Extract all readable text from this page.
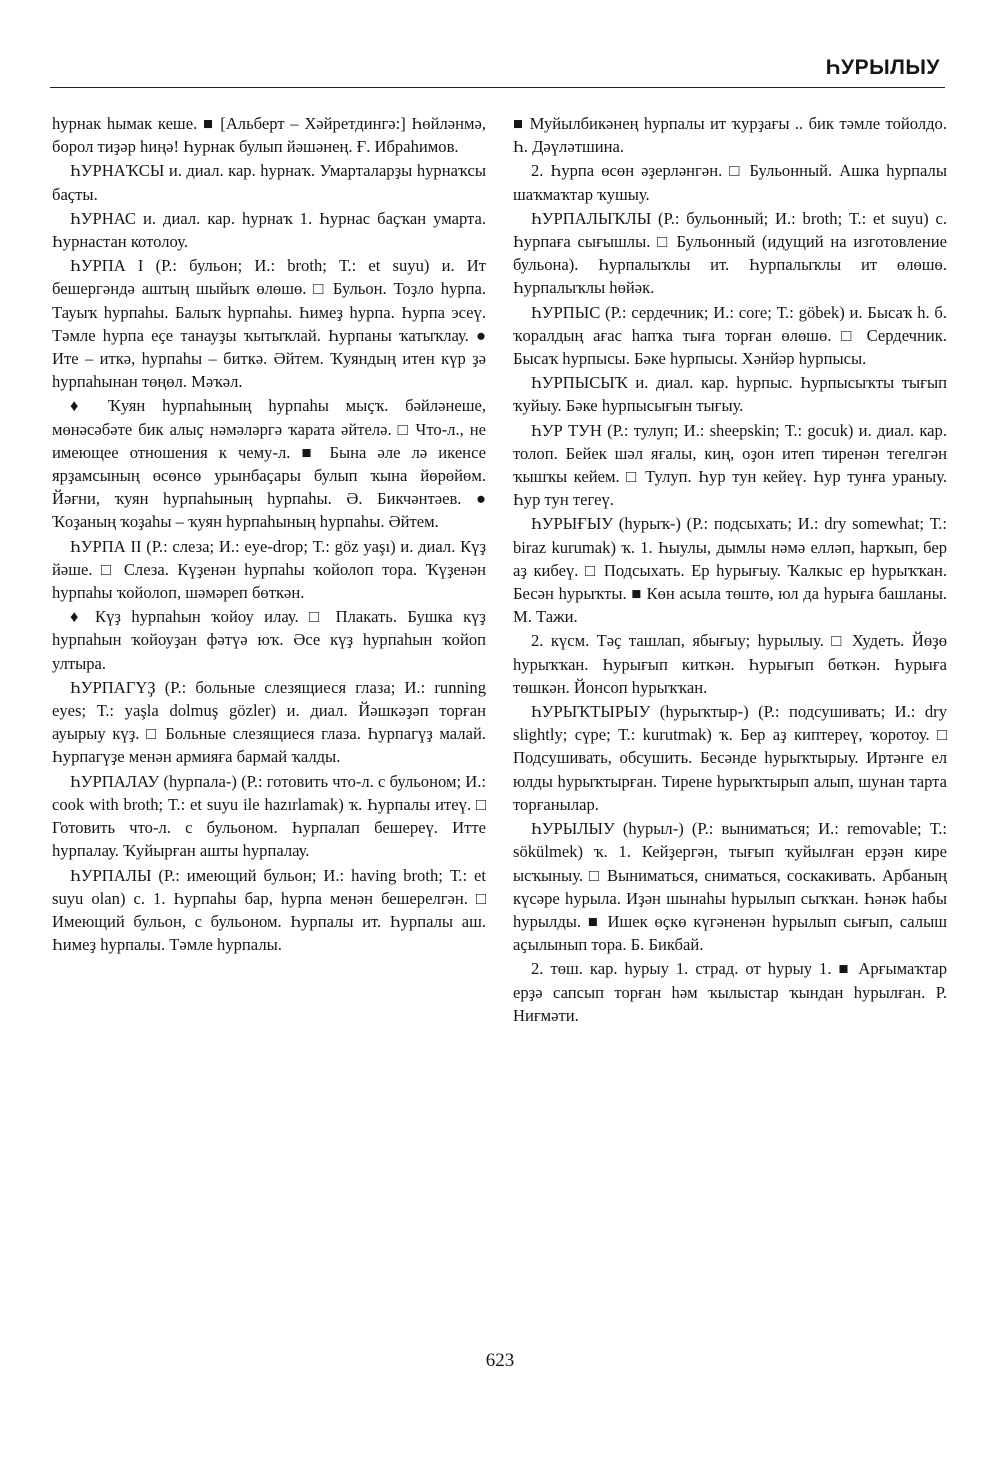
ҺУРЫЛЫУ

һурнак һымак кеше. ■ [Альберт – Хәйретдингә:] Һөйләнмә, борол тиҙәр һиңә! Һурнак булып йәшәнең. Ғ. Ибраһимов.

ҺУРНАҠСЫ и. диал. кар. һурнаҡ. Умарталарҙы һурнаҡсы баҫты.

ҺУРНАС и. диал. кар. һурнаҡ 1. Һурнас баҫҡан умарта. Һурнастан котолоу.

ҺУРПА I (Р.: бульон; И.: broth; Т.: et suyu) и. Ит бешергәндә аштың шыйыҡ өлөшө. □ Бульон. Тоҙло һурпа. Тауыҡ һурпаһы. Балыҡ һурпаһы. Һимеҙ һурпа. Һурпа эсеү. Тәмле һурпа еҫе танауҙы ҡытыҡлай. Һурпаны ҡатыҡлау. ● Ите – иткә, һурпаһы – биткә. Әйтем. Ҡуяндың итен күр ҙә һурпаһынан төңөл. Мәҡәл.

♦ Ҡуян һурпаһының һурпаһы мыҫҡ. бәйләнеше, мөнәсәбәте бик алыҫ нәмәләргә ҡарата әйтелә. □ Что-л., не имеющее отношения к чему-л. ■ Бына әле лә икенсе ярҙамсының өсөнсө урынбаҫары булып ҡына йөрөйөм. Йәғни, ҡуян һурпаһының һурпаһы. Ә. Бикчәнтәев. ● Ҡоҙаның ҡоҙаһы – ҡуян һурпаһының һурпаһы. Әйтем.

ҺУРПА II (Р.: слеза; И.: eye-drop; Т.: göz yaşı) и. диал. Күҙ йәше. □ Слеза. Күҙенән һурпаһы ҡойолоп тора. Ҡүҙенән һурпаһы ҡойолоп, шәмәреп бөткән.

♦ Күҙ һурпаһын ҡойоу илау. □ Плакать. Бушка күҙ һурпаһын ҡойоуҙан фәтүә юҡ. Әсе күҙ һурпаһын ҡойоп ултыра.

ҺУРПАГҮҘ (Р.: больные слезящиеся глаза; И.: running eyes; Т.: yaşla dolmuş gözler) и. диал. Йәшкәҙәп торған ауырыу күҙ. □ Больные слезящиеся глаза. Һурпагүҙ малай. Һурпагүҙе менән армияға бармай ҡалды.

ҺУРПАЛАУ (һурпала-) (Р.: готовить что-л. с бульоном; И.: cook with broth; Т.: et suyu ile hazırlamak) ҡ. Һурпалы итеү. □ Готовить что-л. с бульоном. Һурпалап бешереү. Итте һурпалау. Ҡуйырған ашты һурпалау.

ҺУРПАЛЫ (Р.: имеющий бульон; И.: having broth; Т.: et suyu olan) с. 1. Һурпаһы бар, һурпа менән бешерелгән. □ Имеющий бульон, с бульоном. Һурпалы ит. Һурпалы аш. Һимеҙ һурпалы. Тәмле һурпалы.

■ Муйылбикәнең һурпалы ит ҡурҙағы .. бик тәмле тойолдо. Һ. Дәүләтшина.

2. Һурпа өсөн әҙерләнгән. □ Бульонный. Ашка һурпалы шаҡмаҡтар ҡушыу.

ҺУРПАЛЫҠЛЫ (Р.: бульонный; И.: broth; Т.: et suyu) с. Һурпаға сығышлы. □ Бульонный (идущий на изготовление бульона). Һурпалыҡлы ит. Һурпалыҡлы ит өлөшө. Һурпалыҡлы һөйәк.

ҺУРПЫС (Р.: сердечник; И.: core; Т.: göbek) и. Бысаҡ һ. б. ҡоралдың ағас һапҡа тыға торған өлөшө. □ Сердечник. Бысаҡ һурпысы. Бәке һурпысы. Хәнйәр һурпысы.

ҺУРПЫСЫҠ и. диал. кар. һурпыс. Һурпысыҡты тығып ҡуйыу. Бәке һурпысығын тығыу.

ҺУР ТУН (Р.: тулуп; И.: sheepskin; Т.: gocuk) и. диал. кар. толоп. Бейек шәл яғалы, киң, оҙон итеп тиренән тегелгән ҡышҡы кейем. □ Тулуп. Һур тун кейеү. Һур тунға ураныу. Һур тун тегеү.

ҺУРЫҒЫУ (һурыҡ-) (Р.: подсыхать; И.: dry somewhat; Т.: biraz kurumak) ҡ. 1. Һыулы, дымлы нәмә елләп, һарҡып, бер аҙ кибеү. □ Подсыхать. Ер һурығыу. Ҡалкыс ер һурыҡҡан. Бесән һурыҡты. ■ Көн асыла төштө, юл да һурыға башланы. М. Тажи.

2. күсм. Тәҫ ташлап, ябығыу; һурылыу. □ Худеть. Йөҙө һурыҡҡан. Һурығып киткән. Һурығып бөткән. Һурыға төшкән. Йонсоп һурыҡҡан.

ҺУРЫҠТЫРЫУ (һурыҡтыр-) (Р.: подсушивать; И.: dry slightly; сүре; Т.: kurutmak) ҡ. Бер аҙ киптереү, ҡоротоу. □ Подсушивать, обсушить. Бесәнде һурыҡтырыу. Иртәнге ел юлды һурыҡтырған. Тирене һурыҡтырып алып, шунан тарта торғанылар.

ҺУРЫЛЫУ (һурыл-) (Р.: выниматься; И.: removable; Т.: sökülmek) ҡ. 1. Кейҙергән, тығып ҡуйылған ерҙән кире ысҡыныу. □ Выниматься, сниматься, соскакивать. Арбаның күсәре һурыла. Иҙән шынаһы һурылып сыҡҡан. Һәнәк һабы һурылды. ■ Ишек өҫкө күгәненән һурылып сығып, салыш аҫылынып тора. Б. Бикбай.

2. төш. кар. һурыу 1. страд. от һурыу 1. ■ Арғымаҡтар ерҙә сапсып торған һәм ҡылыстар ҡындан һурылған. Р. Ниғмәти.

623
